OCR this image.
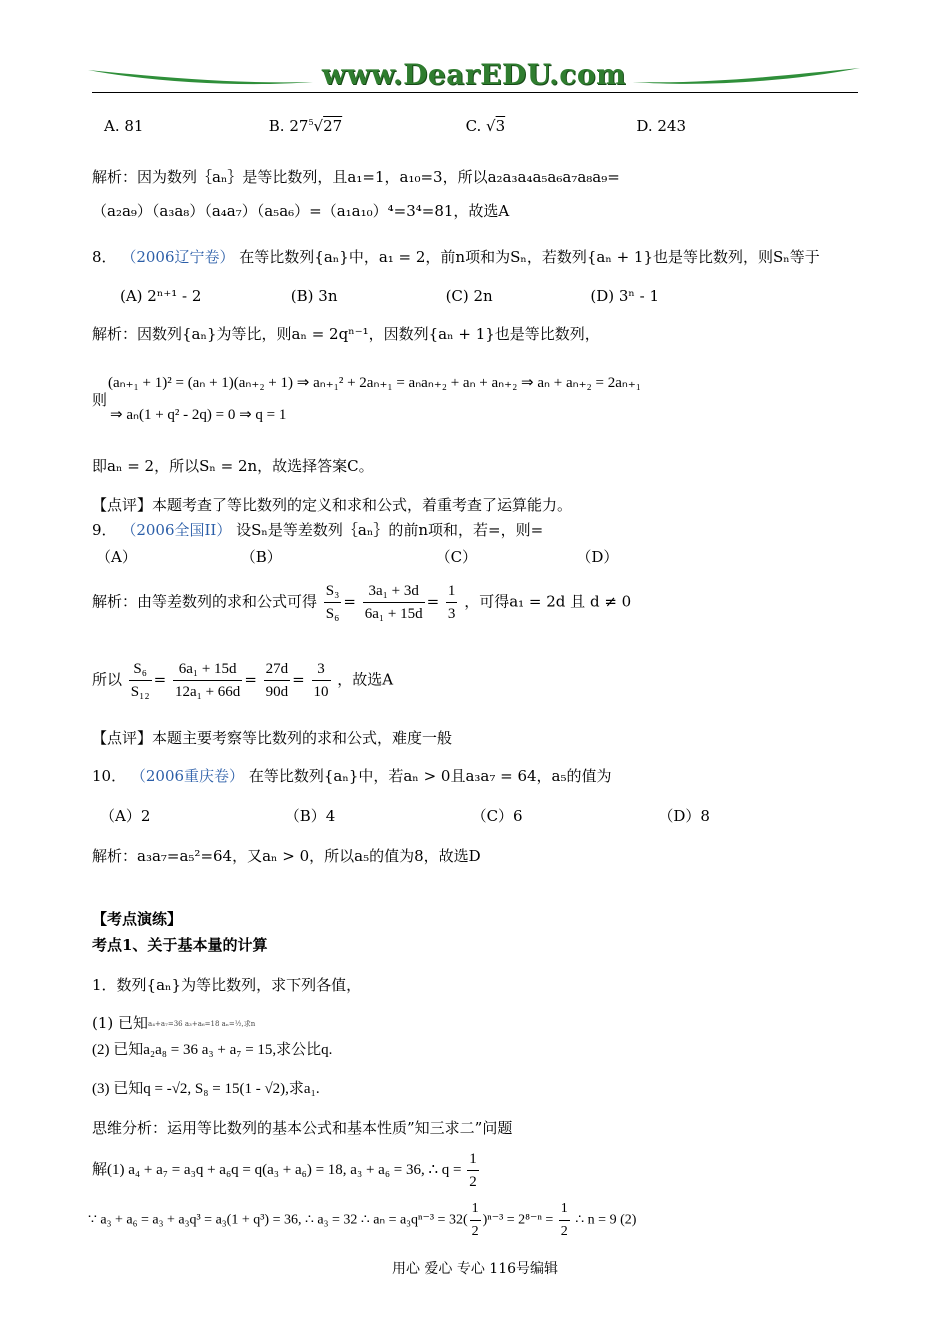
www.DearEDU.com
A. 81	B. $27^5√27$	C. √3	D. 243
解析：因为数列｛aₙ｝是等比数列，且a₁=1，a₁₀=3，所以a₂a₃a₄a₅a₆a₇a₈a₉=
（a₂a₉）（a₃a₈）（a₄a₇）（a₅a₆）=（a₁a₁₀）⁴=3⁴=81，故选A
8． （2006辽宁卷） 在等比数列{aₙ}中，a₁ = 2，前n项和为Sₙ，若数列{aₙ + 1}也是等比数列，则Sₙ等于
(A) 2ⁿ⁺¹ - 2	(B) 3n	(C) 2n	(D) 3ⁿ - 1
解析：因数列{aₙ}为等比，则aₙ = 2qⁿ⁻¹，因数列{aₙ + 1}也是等比数列，
(aₙ₊₁ + 1)² = (aₙ + 1)(aₙ₊₂ + 1) ⇒ aₙ₊₁² + 2aₙ₊₁ = aₙaₙ₊₂ + aₙ + aₙ₊₂ ⇒ aₙ + aₙ₊₂ = 2aₙ₊₁
则
⇒ aₙ(1 + q² - 2q) = 0 ⇒ q = 1
即aₙ = 2，所以Sₙ = 2n，故选择答案C。
【点评】本题考查了等比数列的定义和求和公式，着重考查了运算能力。
9． （2006全国II） 设Sₙ是等差数列｛aₙ｝的前n项和，若=，则=
（A）	（B）	（C）	（D）
解析：由等差数列的求和公式可得 $\frac{\text{S₃}}{\text{S₆}} = \frac{\text{3a₁ + 3d}}{\text{6a₁ + 15d}} = \frac{1}{3}$ ，可得a₁ = 2d 且 d ≠ 0
所以 $\frac{\text{S₆}}{\text{S₁₂}} = \frac{\text{6a₁ + 15d}}{\text{12a₁ + 66d}} = \frac{27d}{90d} = \frac{3}{10}$ ，故选A
【点评】本题主要考察等比数列的求和公式，难度一般
10． （2006重庆卷） 在等比数列{aₙ}中，若aₙ > 0且a₃a₇ = 64，a₅的值为
（A）2	（B）4	（C）6	（D）8
解析：a₃a₇=a₅²=64，又aₙ > 0，所以a₅的值为8，故选D
【考点演练】
考点1、关于基本量的计算
1．数列{aₙ}为等比数列，求下列各值，
(1) 已知a₄+a₇=36 a₃+a₆=18 aₙ=½,求n
(2) 已知a₂a₈ = 36 a₃ + a₇ = 15,求公比q.
(3) 已知q = -√2, S₈ = 15(1 - √2),求a₁.
思维分析：运用等比数列的基本公式和基本性质”知三求二”问题
解(1) a₄ + a₇ = a₃q + a₆q = q(a₃ + a₆) = 18, a₃ + a₆ = 36, ∴ $q = \frac{1}{2}$
∵ a₃ + a₆ = a₃ + a₃q³ = a₃(1 + q³) = 36, ∴ a₃ = 32 ∴ $a_n = a_3q^{n-3} = 32( \frac{1}{2} )^{n-3} = 2^{8-n} = \frac{1}{2}$ ∴ n = 9 (2)
用心 爱心 专心 116号编辑
